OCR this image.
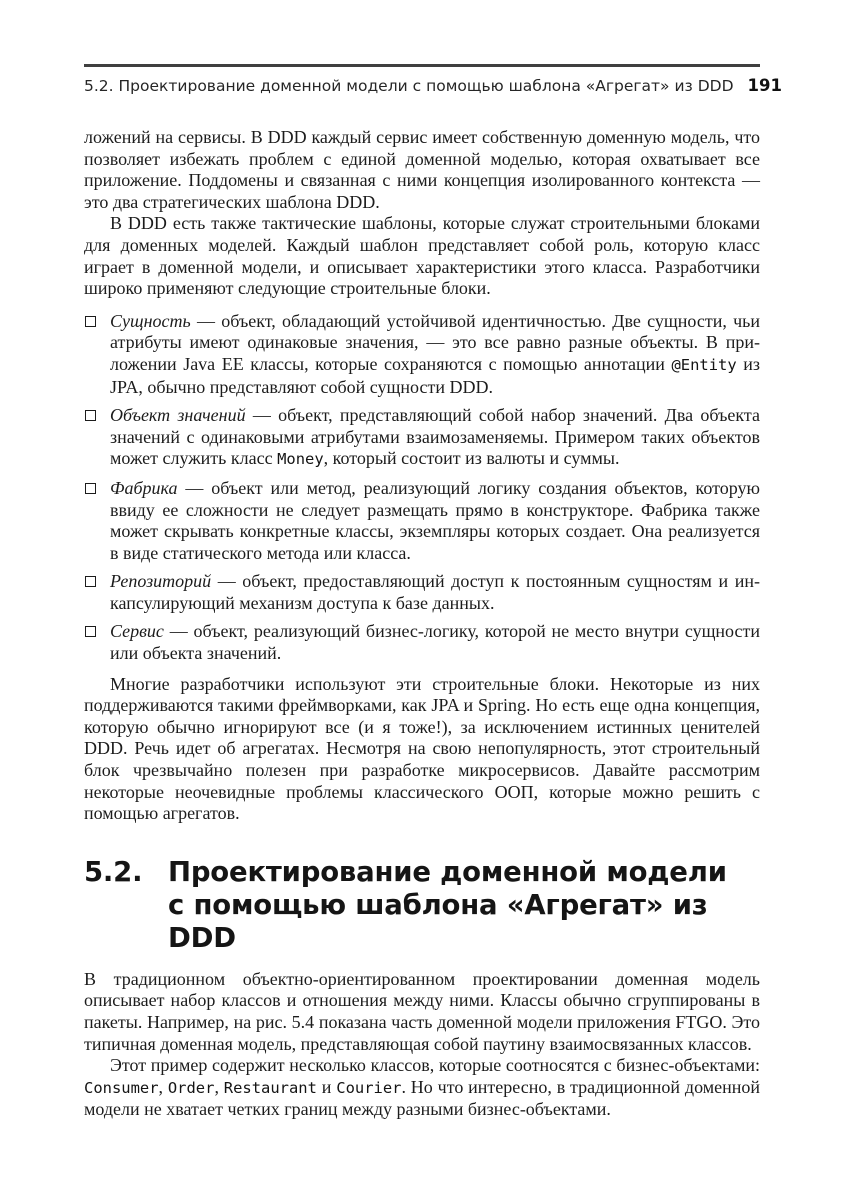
5.2. Проектирование доменной модели с помощью шаблона «Агрегат» из DDD 191

ложений на сервисы. В DDD каждый сервис имеет собственную доменную модель, что позволяет избежать проблем с единой доменной моделью, которая охватывает все приложение. Поддомены и связанная с ними концепция изолированного контекста — это два стратегических шаблона DDD.

В DDD есть также тактические шаблоны, которые служат строительными блоками для доменных моделей. Каждый шаблон представляет собой роль, которую класс играет в доменной модели, и описывает характеристики этого класса. Разработчики широко применяют следующие строительные блоки.

Сущность — объект, обладающий устойчивой идентичностью. Две сущности, чьи атрибуты имеют одинаковые значения, — это все равно разные объекты. В приложении Java EE классы, которые сохраняются с помощью аннотации @Entity из JPA, обычно представляют собой сущности DDD.
Объект значений — объект, представляющий собой набор значений. Два объекта значений с одинаковыми атрибутами взаимозаменяемы. Примером таких объектов может служить класс Money, который состоит из валюты и суммы.
Фабрика — объект или метод, реализующий логику создания объектов, которую ввиду ее сложности не следует размещать прямо в конструкторе. Фабрика также может скрывать конкретные классы, экземпляры которых создает. Она реализуется в виде статического метода или класса.
Репозиторий — объект, предоставляющий доступ к постоянным сущностям и инкапсулирующий механизм доступа к базе данных.
Сервис — объект, реализующий бизнес-логику, которой не место внутри сущности или объекта значений.

Многие разработчики используют эти строительные блоки. Некоторые из них поддерживаются такими фреймворками, как JPA и Spring. Но есть еще одна концепция, которую обычно игнорируют все (и я тоже!), за исключением истинных ценителей DDD. Речь идет об агрегатах. Несмотря на свою непопулярность, этот строительный блок чрезвычайно полезен при разработке микросервисов. Давайте рассмотрим некоторые неочевидные проблемы классического ООП, которые можно решить с помощью агрегатов.

5.2. Проектирование доменной модели
с помощью шаблона «Агрегат» из DDD

В традиционном объектно-ориентированном проектировании доменная модель описывает набор классов и отношения между ними. Классы обычно сгруппированы в пакеты. Например, на рис. 5.4 показана часть доменной модели приложения FTGO. Это типичная доменная модель, представляющая собой паутину взаимосвязанных классов.

Этот пример содержит несколько классов, которые соотносятся с бизнес-объектами: Consumer, Order, Restaurant и Courier. Но что интересно, в традиционной доменной модели не хватает четких границ между разными бизнес-объектами.
